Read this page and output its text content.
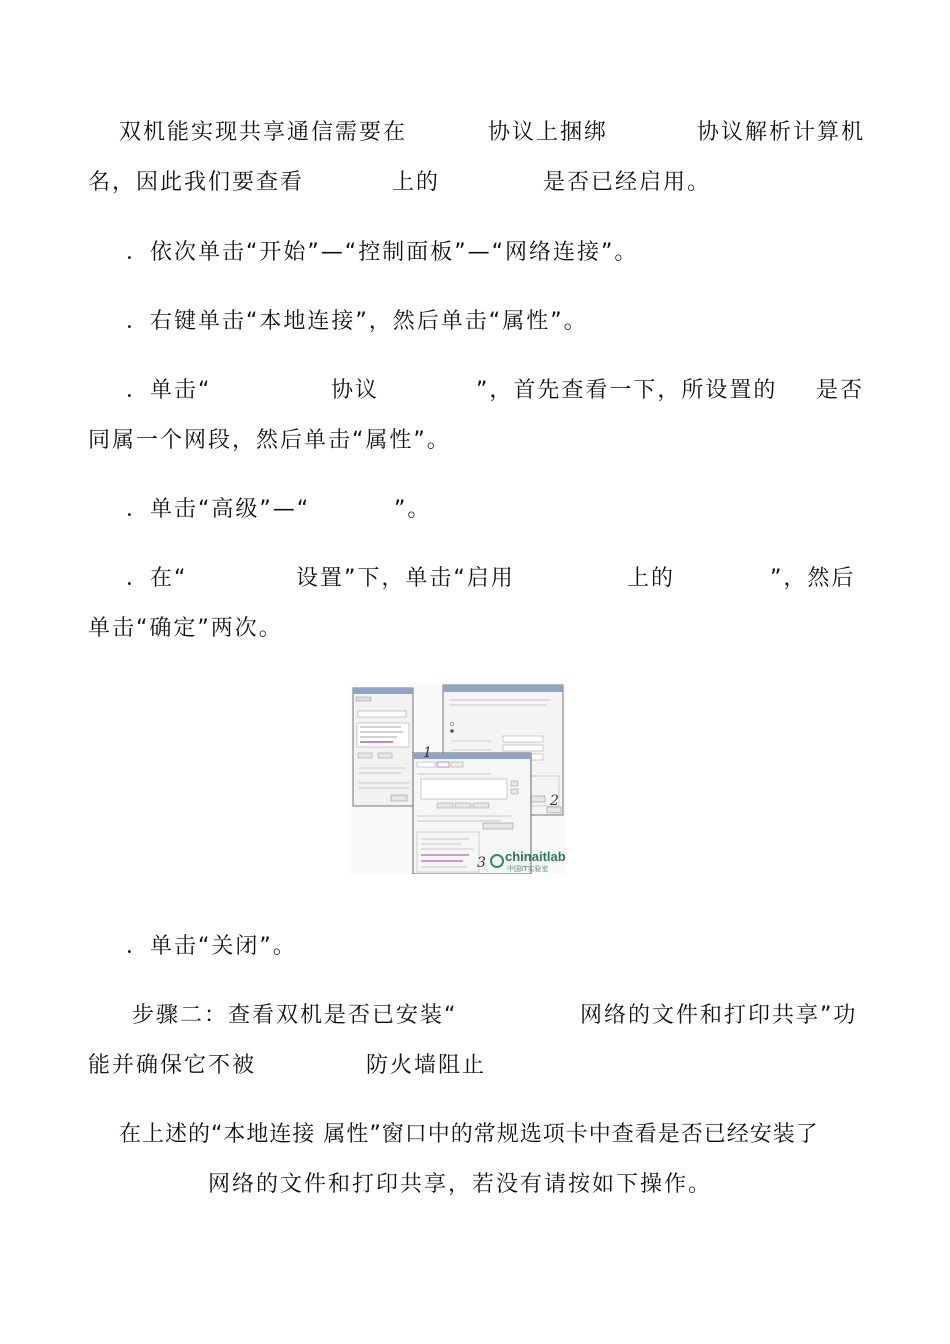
双机能实现共享通信需要在	协议上捆绑	协议解析计算机
名，因此我们要查看	上的	是否已经启用。
．依次单击“开始”—“控制面板”—“网络连接”。
．右键单击“本地连接”，然后单击“属性”。
．单击“	协议	”，首先查看一下，所设置的 是否
同属一个网段，然后单击“属性”。
．单击“高级”—“	”。
．在“	设置”下，单击“启用	上的	”，然后
单击“确定”两次。
1
2
3 chinaitlab
中国IT实验室
．单击“关闭”。
步骤二：查看双机是否已安装“	网络的文件和打印共享”功
能并确保它不被	防火墙阻止
在上述的“本地连接 属性”窗口中的常规选项卡中查看是否已经安装了
网络的文件和打印共享，若没有请按如下操作。
